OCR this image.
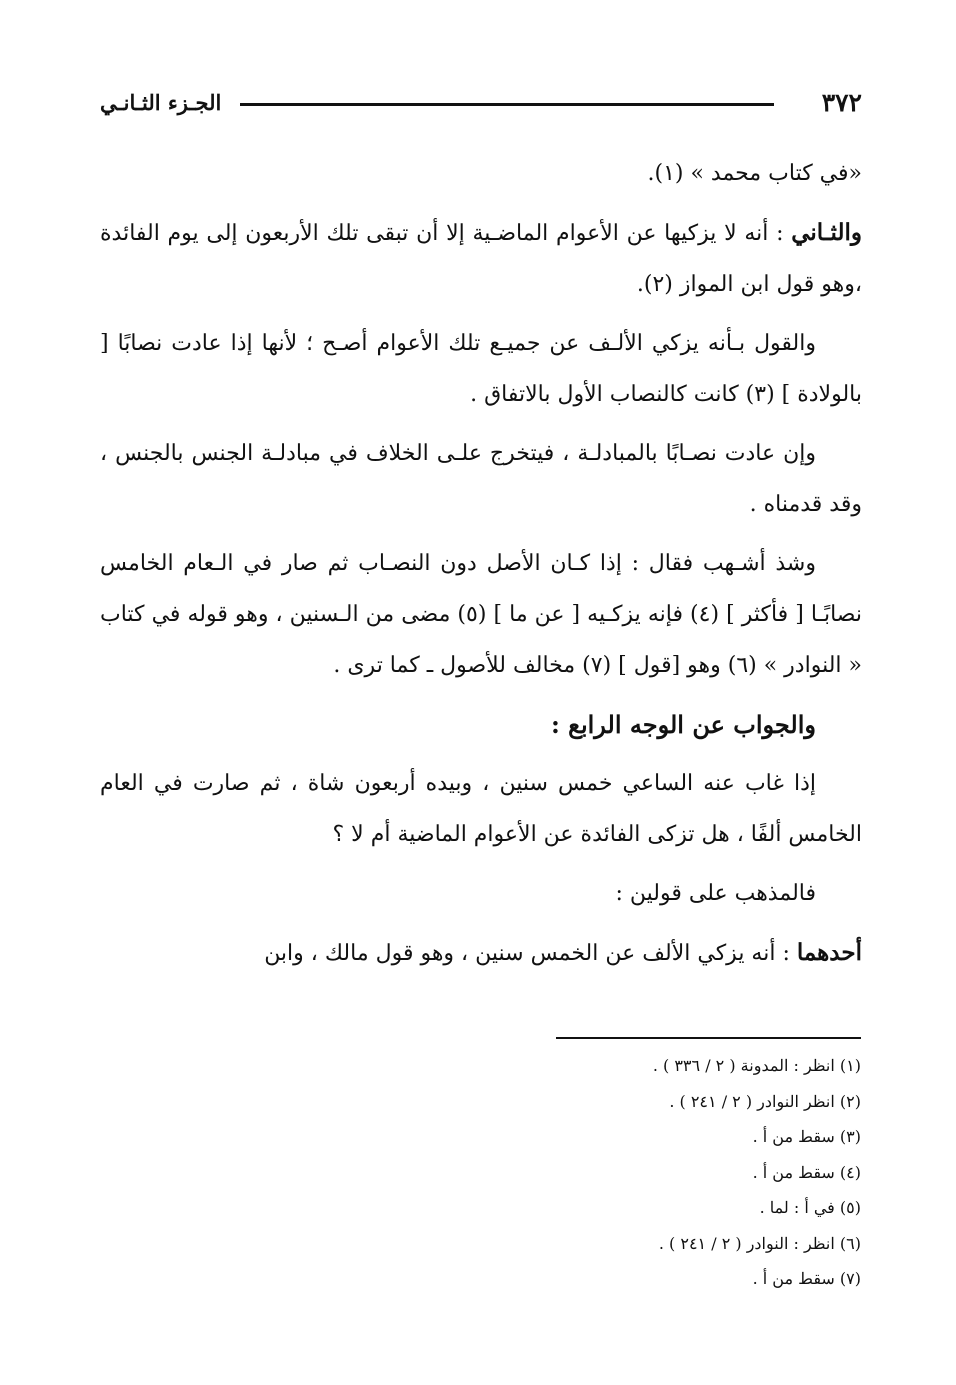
الجـزء الثـانـي	٣٧٢

«في كتاب محمد » (١).

والثـاني : أنه لا يزكيها عن الأعوام الماضـية إلا أن تبقى تلك الأربعون إلى يوم الفائدة ،وهو قول ابن المواز (٢).

والقول بـأنه يزكي الألـف عن جميـع تلك الأعوام أصـح ؛ لأنها إذا عادت نصابًا [ بالولادة ] (٣) كانت كالنصاب الأول بالاتفاق .

وإن عادت نصـابًا بالمبادلـة ، فيتخرج علـى الخلاف في مبادلـة الجنس بالجنس ، وقد قدمناه .

وشذ أشـهب فقال : إذا كـان الأصل دون النصـاب ثم صار في الـعام الخامس نصابًـا [ فأكثر ] (٤) فإنه يزكـيه [ عن ما ] (٥) مضى من الـسنين ، وهو قوله في كتاب « النوادر » (٦) وهو [قول ] (٧) مخالف للأصول ـ كما ترى .

والجواب عن الوجه الرابع :

إذا غاب عنه الساعي خمس سنين ، وبيده أربعون شاة ، ثم صارت في العام الخامس ألفًا ، هل تزكى الفائدة عن الأعوام الماضية أم لا ؟

فالمذهب على قولين :

أحدهما : أنه يزكي الألف عن الخمس سنين ، وهو قول مالك ، وابن

(١) انظر : المدونة ( ٢ / ٣٣٦ ) .
(٢) انظر النوادر ( ٢ / ٢٤١ ) .
(٣) سقط من أ .
(٤) سقط من أ .
(٥) في أ : لما .
(٦) انظر : النوادر ( ٢ / ٢٤١ ) .
(٧) سقط من أ .
